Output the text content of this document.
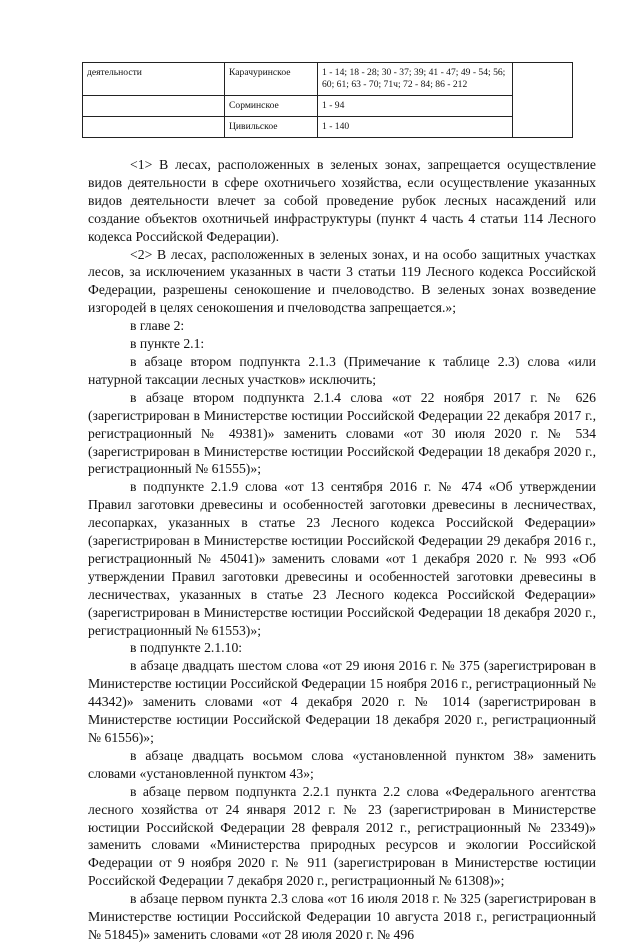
деятельности	Карачуринское	1 - 14; 18 - 28; 30 - 37; 39; 41 - 47; 49 - 54; 56; 60; 61; 63 - 70; 71ч; 72 - 84; 86 - 212	
	Сорминское	1 - 94	
	Цивильское	1 - 140	

<1> В лесах, расположенных в зеленых зонах, запрещается осуществление видов деятельности в сфере охотничьего хозяйства, если осуществление указанных видов деятельности влечет за собой проведение рубок лесных насаждений или создание объектов охотничьей инфраструктуры (пункт 4 часть 4 статьи 114 Лесного кодекса Российской Федерации).

<2> В лесах, расположенных в зеленых зонах, и на особо защитных участках лесов, за исключением указанных в части 3 статьи 119 Лесного кодекса Российской Федерации, разрешены сенокошение и пчеловодство. В зеленых зонах возведение изгородей в целях сенокошения и пчеловодства запрещается.»;

в главе 2:

в пункте 2.1:

в абзаце втором подпункта 2.1.3 (Примечание к таблице 2.3) слова «или натурной таксации лесных участков» исключить;

в абзаце втором подпункта 2.1.4 слова «от 22 ноября 2017 г. № 626 (зарегистрирован в Министерстве юстиции Российской Федерации 22 декабря 2017 г., регистрационный № 49381)» заменить словами «от 30 июля 2020 г. № 534 (зарегистрирован в Министерстве юстиции Российской Федерации 18 декабря 2020 г., регистрационный № 61555)»;

в подпункте 2.1.9 слова «от 13 сентября 2016 г. № 474 «Об утверждении Правил заготовки древесины и особенностей заготовки древесины в лесничествах, лесопарках, указанных в статье 23 Лесного кодекса Российской Федерации» (зарегистрирован в Министерстве юстиции Российской Федерации 29 декабря 2016 г., регистрационный № 45041)» заменить словами «от 1 декабря 2020 г. № 993 «Об утверждении Правил заготовки древесины и особенностей заготовки древесины в лесничествах, указанных в статье 23 Лесного кодекса Российской Федерации» (зарегистрирован в Министерстве юстиции Российской Федерации 18 декабря 2020 г., регистрационный № 61553)»;

в подпункте 2.1.10:

в абзаце двадцать шестом слова «от 29 июня 2016 г. № 375 (зарегистрирован в Министерстве юстиции Российской Федерации 15 ноября 2016 г., регистрационный № 44342)» заменить словами «от 4 декабря 2020 г. № 1014 (зарегистрирован в Министерстве юстиции Российской Федерации 18 декабря 2020 г., регистрационный № 61556)»;

в абзаце двадцать восьмом слова «установленной пунктом 38» заменить словами «установленной пунктом 43»;

в абзаце первом подпункта 2.2.1 пункта 2.2 слова «Федерального агентства лесного хозяйства от 24 января 2012 г. № 23 (зарегистрирован в Министерстве юстиции Российской Федерации 28 февраля 2012 г., регистрационный № 23349)» заменить словами «Министерства природных ресурсов и экологии Российской Федерации от 9 ноября 2020 г. № 911 (зарегистрирован в Министерстве юстиции Российской Федерации 7 декабря 2020 г., регистрационный № 61308)»;

в абзаце первом пункта 2.3 слова «от 16 июля 2018 г. № 325 (зарегистрирован в Министерстве юстиции Российской Федерации 10 августа 2018 г., регистрационный № 51845)» заменить словами «от 28 июля 2020 г. № 496
